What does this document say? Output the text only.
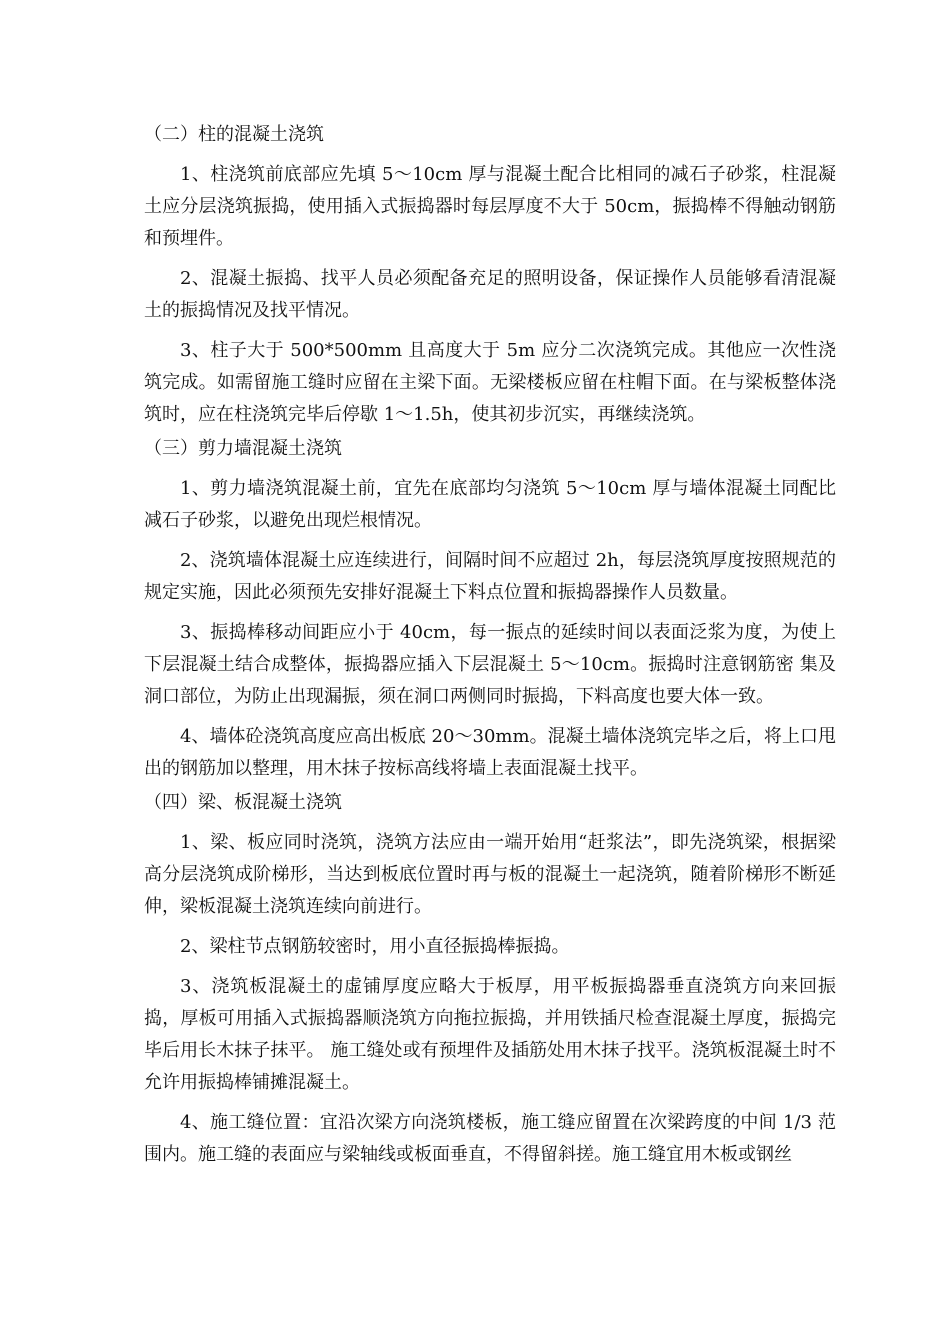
（二）柱的混凝土浇筑

1、柱浇筑前底部应先填 5～10cm 厚与混凝土配合比相同的减石子砂浆，柱混凝土应分层浇筑振捣，使用插入式振捣器时每层厚度不大于 50cm，振捣棒不得触动钢筋和预埋件。

2、混凝土振捣、找平人员必须配备充足的照明设备，保证操作人员能够看清混凝土的振捣情况及找平情况。

3、柱子大于 500*500mm 且高度大于 5m 应分二次浇筑完成。其他应一次性浇筑完成。如需留施工缝时应留在主梁下面。无梁楼板应留在柱帽下面。在与梁板整体浇筑时，应在柱浇筑完毕后停歇 1～1.5h，使其初步沉实，再继续浇筑。

（三）剪力墙混凝土浇筑

1、剪力墙浇筑混凝土前，宜先在底部均匀浇筑 5～10cm 厚与墙体混凝土同配比减石子砂浆，以避免出现烂根情况。

2、浇筑墙体混凝土应连续进行，间隔时间不应超过 2h，每层浇筑厚度按照规范的规定实施，因此必须预先安排好混凝土下料点位置和振捣器操作人员数量。

3、振捣棒移动间距应小于 40cm，每一振点的延续时间以表面泛浆为度，为使上下层混凝土结合成整体，振捣器应插入下层混凝土 5～10cm。振捣时注意钢筋密 集及洞口部位，为防止出现漏振，须在洞口两侧同时振捣，下料高度也要大体一致。

4、墙体砼浇筑高度应高出板底 20～30mm。混凝土墙体浇筑完毕之后，将上口甩出的钢筋加以整理，用木抹子按标高线将墙上表面混凝土找平。

（四）梁、板混凝土浇筑

1、梁、板应同时浇筑，浇筑方法应由一端开始用“赶浆法”，即先浇筑梁，根据梁高分层浇筑成阶梯形，当达到板底位置时再与板的混凝土一起浇筑，随着阶梯形不断延伸，梁板混凝土浇筑连续向前进行。

2、梁柱节点钢筋较密时，用小直径振捣棒振捣。

3、浇筑板混凝土的虚铺厚度应略大于板厚，用平板振捣器垂直浇筑方向来回振捣，厚板可用插入式振捣器顺浇筑方向拖拉振捣，并用铁插尺检查混凝土厚度，振捣完毕后用长木抹子抹平。 施工缝处或有预埋件及插筋处用木抹子找平。浇筑板混凝土时不允许用振捣棒铺摊混凝土。

4、施工缝位置：宜沿次梁方向浇筑楼板，施工缝应留置在次梁跨度的中间 1/3 范围内。施工缝的表面应与梁轴线或板面垂直，不得留斜搓。施工缝宜用木板或钢丝
